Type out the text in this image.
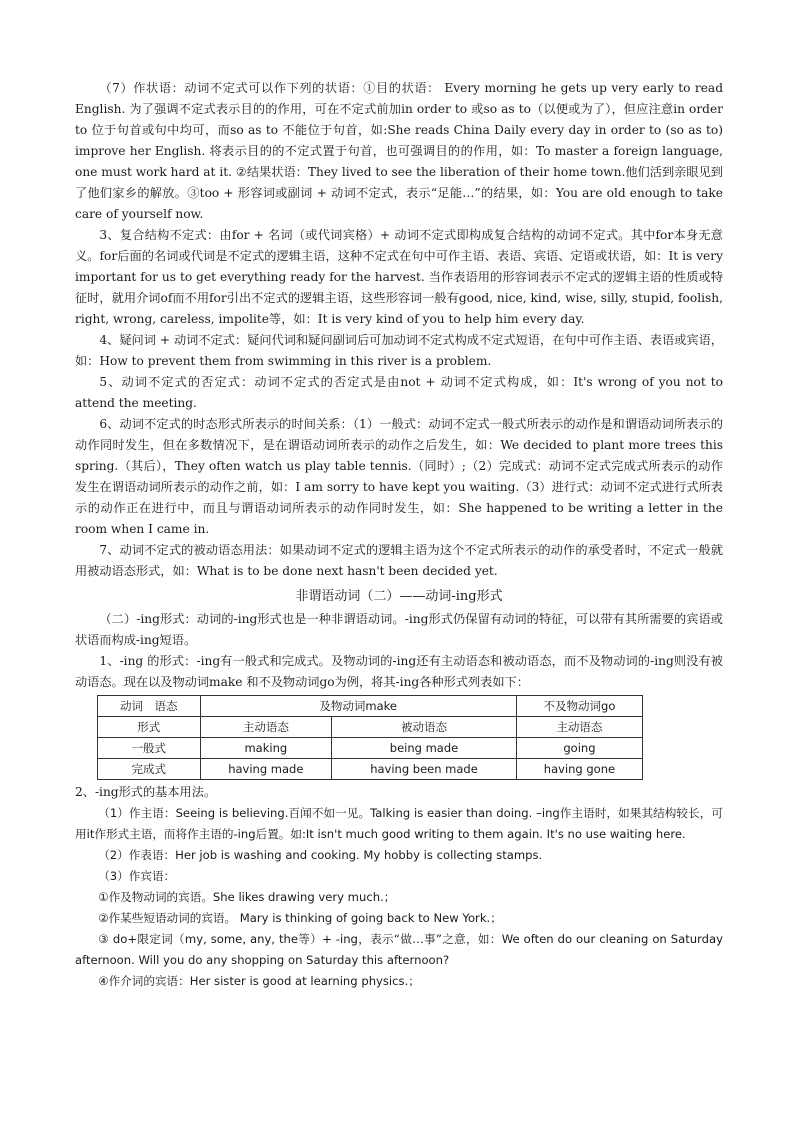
（7）作状语：动词不定式可以作下列的状语：①目的状语： Every morning he gets up very early to read English. 为了强调不定式表示目的的作用，可在不定式前加in order to 或so as to（以便或为了），但应注意in order to 位于句首或句中均可，而so as to 不能位于句首，如:She reads China Daily every day in order to (so as to) improve her English. 将表示目的的不定式置于句首，也可强调目的的作用，如：To master a foreign language, one must work hard at it. ②结果状语：They lived to see the liberation of their home town.他们活到亲眼见到了他们家乡的解放。③too + 形容词或副词 + 动词不定式，表示“足能…”的结果，如：You are old enough to take care of yourself now.

3、复合结构不定式：由for + 名词（或代词宾格）+ 动词不定式即构成复合结构的动词不定式。其中for本身无意义。for后面的名词或代词是不定式的逻辑主语，这种不定式在句中可作主语、表语、宾语、定语或状语，如：It is very important for us to get everything ready for the harvest. 当作表语用的形容词表示不定式的逻辑主语的性质或特征时，就用介词of而不用for引出不定式的逻辑主语，这些形容词一般有good, nice, kind, wise, silly, stupid, foolish, right, wrong, careless, impolite等，如：It is very kind of you to help him every day.

4、疑问词 + 动词不定式：疑问代词和疑问副词后可加动词不定式构成不定式短语，在句中可作主语、表语或宾语，如：How to prevent them from swimming in this river is a problem.

5、动词不定式的否定式：动词不定式的否定式是由not + 动词不定式构成，如：It's wrong of you not to attend the meeting.

6、动词不定式的时态形式所表示的时间关系：（1）一般式：动词不定式一般式所表示的动作是和谓语动词所表示的动作同时发生，但在多数情况下，是在谓语动词所表示的动作之后发生，如：We decided to plant more trees this spring.（其后），They often watch us play table tennis.（同时）;（2）完成式：动词不定式完成式所表示的动作发生在谓语动词所表示的动作之前，如：I am sorry to have kept you waiting.（3）进行式：动词不定式进行式所表示的动作正在进行中，而且与谓语动词所表示的动作同时发生，如：She happened to be writing a letter in the room when I came in.

7、动词不定式的被动语态用法：如果动词不定式的逻辑主语为这个不定式所表示的动作的承受者时，不定式一般就用被动语态形式，如：What is to be done next hasn't been decided yet.

非谓语动词（二）——动词-ing形式

（二）-ing形式：动词的-ing形式也是一种非谓语动词。-ing形式仍保留有动词的特征，可以带有其所需要的宾语或状语而构成-ing短语。

1、-ing 的形式：-ing有一般式和完成式。及物动词的-ing还有主动语态和被动语态，而不及物动词的-ing则没有被动语态。现在以及物动词make 和不及物动词go为例，将其-ing各种形式列表如下：

动词　语态	及物动词make		不及物动词go
形式	主动语态	被动语态	主动语态
一般式	making	being made	going
完成式	having made	having been made	having gone

2、-ing形式的基本用法。

（1）作主语：Seeing is believing.百闻不如一见。Talking is easier than doing. –ing作主语时，如果其结构较长，可用it作形式主语，而将作主语的-ing后置。如:It isn't much good writing to them again. It's no use waiting here.

（2）作表语：Her job is washing and cooking. My hobby is collecting stamps.

（3）作宾语：

①作及物动词的宾语。She likes drawing very much.；

②作某些短语动词的宾语。 Mary is thinking of going back to New York.；

③ do+限定词（my, some, any, the等）+ -ing，表示“做…事”之意，如：We often do our cleaning on Saturday afternoon. Will you do any shopping on Saturday this afternoon?

④作介词的宾语：Her sister is good at learning physics.；
